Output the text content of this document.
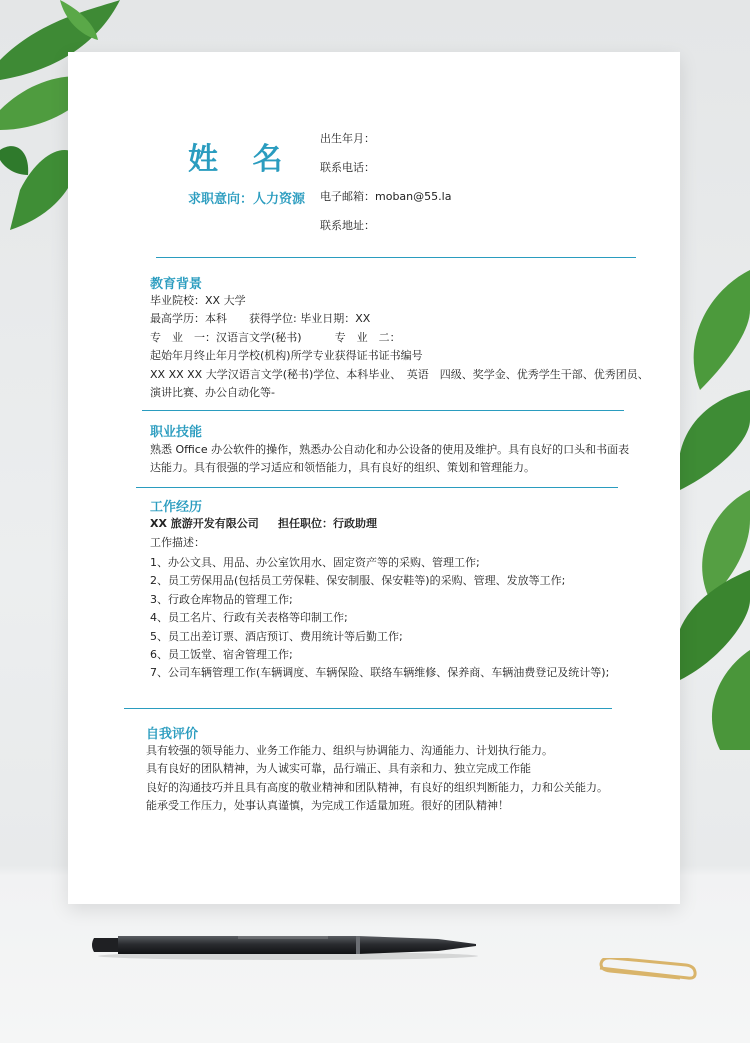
姓 名
求职意向：人力资源
出生年月：
联系电话：
电子邮箱：moban@55.la
联系地址：
教育背景
毕业院校：XX 大学
最高学历：本科　　获得学位: 毕业日期：XX
专　业　一：汉语言文学(秘书)　　　专　业　二：
起始年月终止年月学校(机构)所学专业获得证书证书编号
XX XX XX 大学汉语言文学(秘书)学位、本科毕业、　英语　四级、奖学金、优秀学生干部、优秀团员、
演讲比赛、办公自动化等-
职业技能
熟悉 Office 办公软件的操作，熟悉办公自动化和办公设备的使用及维护。具有良好的口头和书面表
达能力。具有很强的学习适应和领悟能力，具有良好的组织、策划和管理能力。
工作经历
XX 旅游开发有限公司 担任职位：行政助理
工作描述：
1、办公文具、用品、办公室饮用水、固定资产等的采购、管理工作;
2、员工劳保用品(包括员工劳保鞋、保安制服、保安鞋等)的采购、管理、发放等工作;
3、行政仓库物品的管理工作;
4、员工名片、行政有关表格等印制工作;
5、员工出差订票、酒店预订、费用统计等后勤工作;
6、员工饭堂、宿舍管理工作;
7、公司车辆管理工作(车辆调度、车辆保险、联络车辆维修、保养商、车辆油费登记及统计等);
自我评价
具有较强的领导能力、业务工作能力、组织与协调能力、沟通能力、计划执行能力。
具有良好的团队精神，为人诚实可靠，品行端正、具有亲和力、独立完成工作能
良好的沟通技巧并且具有高度的敬业精神和团队精神，有良好的组织判断能力，力和公关能力。
能承受工作压力，处事认真谨慎，为完成工作适量加班。很好的团队精神！
